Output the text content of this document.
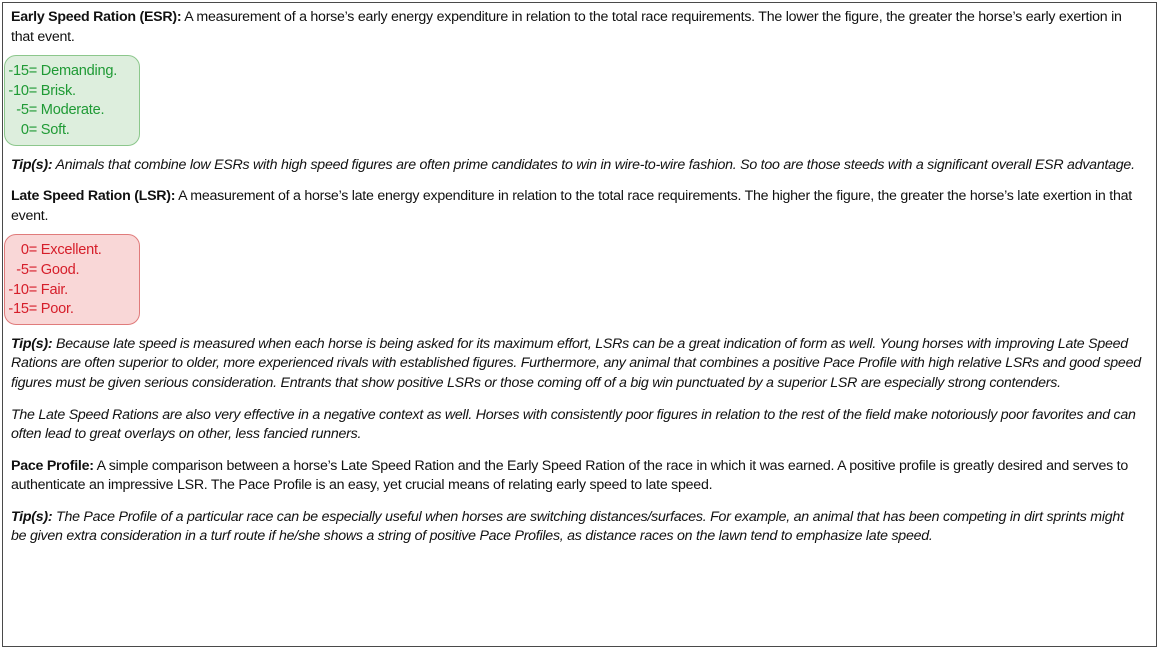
Early Speed Ration (ESR): A measurement of a horse’s early energy expenditure in relation to the total race requirements. The lower the figure, the greater the horse’s early exertion in that event.

-15= Demanding.
-10= Brisk.
-5= Moderate.
0= Soft.

Tip(s): Animals that combine low ESRs with high speed figures are often prime candidates to win in wire-to-wire fashion. So too are those steeds with a significant overall ESR advantage.

Late Speed Ration (LSR): A measurement of a horse’s late energy expenditure in relation to the total race requirements. The higher the figure, the greater the horse’s late exertion in that event.

0= Excellent.
-5= Good.
-10= Fair.
-15= Poor.

Tip(s): Because late speed is measured when each horse is being asked for its maximum effort, LSRs can be a great indication of form as well. Young horses with improving Late Speed Rations are often superior to older, more experienced rivals with established figures. Furthermore, any animal that combines a positive Pace Profile with high relative LSRs and good speed figures must be given serious consideration. Entrants that show positive LSRs or those coming off of a big win punctuated by a superior LSR are especially strong contenders.

The Late Speed Rations are also very effective in a negative context as well. Horses with consistently poor figures in relation to the rest of the field make notoriously poor favorites and can often lead to great overlays on other, less fancied runners.

Pace Profile: A simple comparison between a horse’s Late Speed Ration and the Early Speed Ration of the race in which it was earned. A positive profile is greatly desired and serves to authenticate an impressive LSR. The Pace Profile is an easy, yet crucial means of relating early speed to late speed.

Tip(s): The Pace Profile of a particular race can be especially useful when horses are switching distances/surfaces. For example, an animal that has been competing in dirt sprints might be given extra consideration in a turf route if he/she shows a string of positive Pace Profiles, as distance races on the lawn tend to emphasize late speed.
